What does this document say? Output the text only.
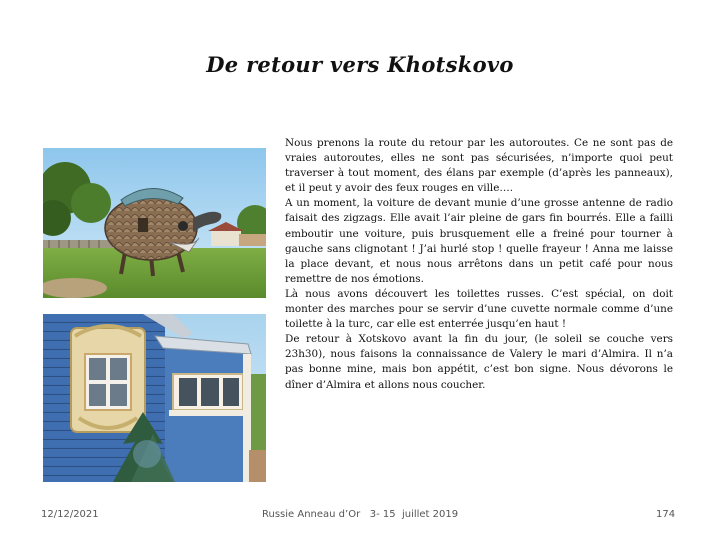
De retour vers Khotskovo

Nous prenons la route du retour par les autoroutes. Ce ne sont pas de vraies autoroutes, elles ne sont pas sécurisées, n’importe quoi peut traverser à tout moment, des élans par exemple (d’après les panneaux), et il peut y avoir des feux rouges en ville….

A un moment, la voiture de devant munie d’une grosse antenne de radio faisait des zigzags. Elle avait l’air pleine de gars fin bourrés. Elle a failli emboutir une voiture, puis brusquement elle a freiné pour tourner à gauche sans clignotant ! J’ai hurlé stop ! quelle frayeur ! Anna me laisse la place devant, et nous nous arrêtons dans un petit café pour nous remettre de nos émotions.

Là nous avons découvert les toilettes russes. C’est spécial, on doit monter des marches pour se servir d’une cuvette normale comme d’une toilette à la turc, car elle est enterrée jusqu’en haut !

De retour à Xotskovo avant la fin du jour, (le soleil se couche vers 23h30), nous faisons la connaissance de Valery le mari d’Almira. Il n’a pas bonne mine, mais bon appétit, c’est bon signe. Nous dévorons le dîner d’Almira et allons nous coucher.

12/12/2021	Russie Anneau d’Or   3- 15  juillet 2019	174
